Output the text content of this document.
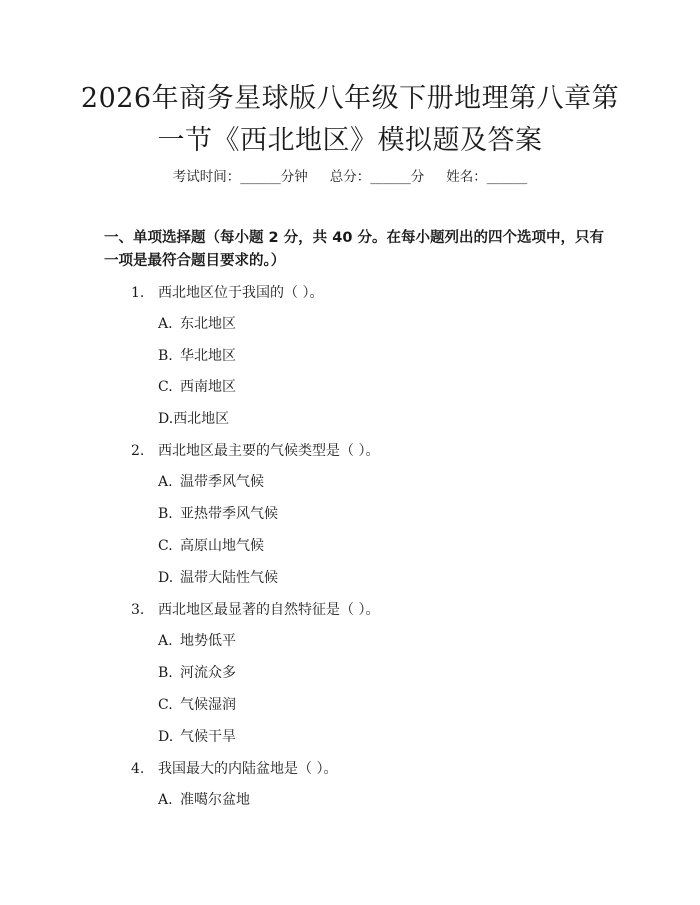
2026年商务星球版八年级下册地理第八章第
一节《西北地区》模拟题及答案
考试时间：______分钟 总分：______分 姓名：______
一、单项选择题（每小题 2 分，共 40 分。在每小题列出的四个选项中，只有一项是最符合题目要求的。）
1. 西北地区位于我国的（ ）。
A. 东北地区
B. 华北地区
C. 西南地区
D.西北地区
2. 西北地区最主要的气候类型是（ ）。
A. 温带季风气候
B. 亚热带季风气候
C. 高原山地气候
D. 温带大陆性气候
3. 西北地区最显著的自然特征是（ ）。
A. 地势低平
B. 河流众多
C. 气候湿润
D. 气候干旱
4. 我国最大的内陆盆地是（ ）。
A. 准噶尔盆地
